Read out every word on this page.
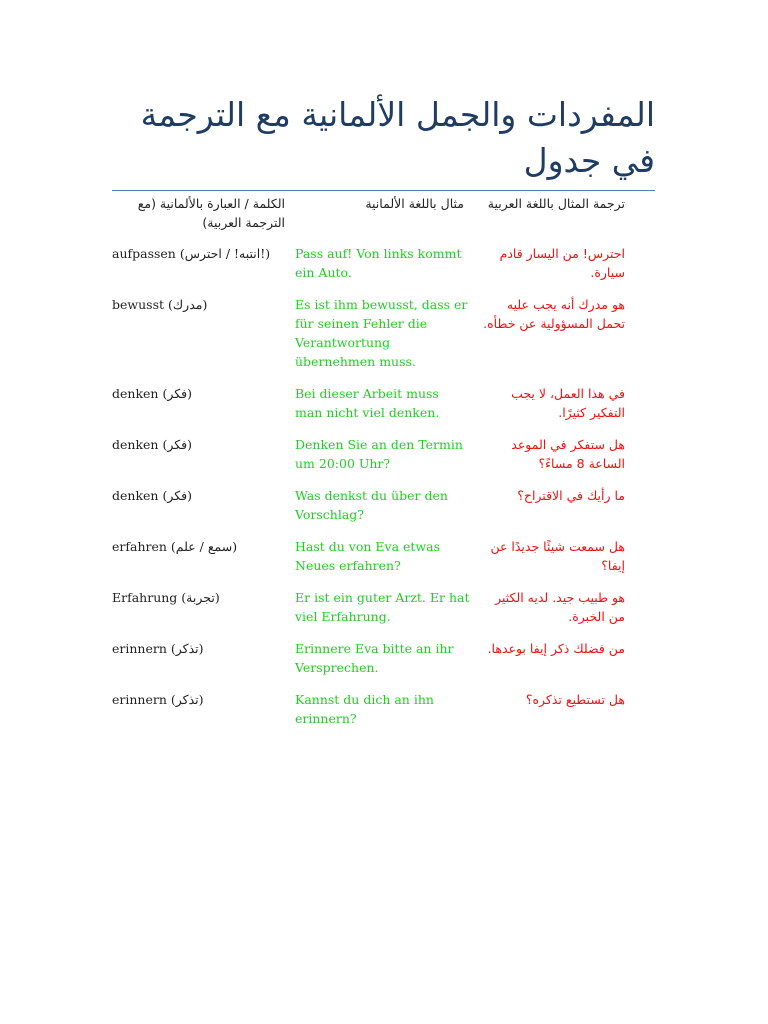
المفردات والجمل الألمانية مع الترجمة في جدول
الكلمة / العبارة بالألمانية (مع الترجمة العربية)	مثال باللغة الألمانية	ترجمة المثال باللغة العربية
aufpassen (انتبه! / احترس!)	Pass auf! Von links kommt ein Auto.	احترس! من اليسار قادم سيارة.
bewusst (مدرك)	Es ist ihm bewusst, dass er für seinen Fehler die Verantwortung übernehmen muss.	هو مدرك أنه يجب عليه تحمل المسؤولية عن خطأه.
denken (فكر)	Bei dieser Arbeit muss man nicht viel denken.	في هذا العمل، لا يجب التفكير كثيرًا.
denken (فكر)	Denken Sie an den Termin um 20:00 Uhr?	هل ستفكر في الموعد الساعة 8 مساءً؟
denken (فكر)	Was denkst du über den Vorschlag?	ما رأيك في الاقتراح؟
erfahren (سمع / علم)	Hast du von Eva etwas Neues erfahren?	هل سمعت شيئًا جديدًا عن إيفا؟
Erfahrung (تجربة)	Er ist ein guter Arzt. Er hat viel Erfahrung.	هو طبيب جيد. لديه الكثير من الخبرة.
erinnern (تذكر)	Erinnere Eva bitte an ihr Versprechen.	من فضلك ذكر إيفا بوعدها.
erinnern (تذكر)	Kannst du dich an ihn erinnern?	هل تستطيع تذكره؟
